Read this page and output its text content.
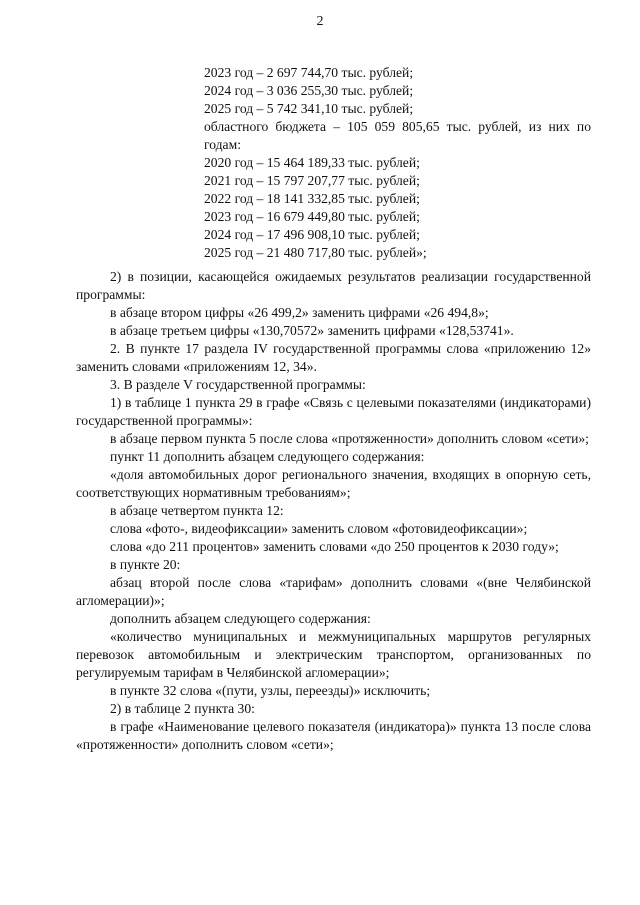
2

2023 год – 2 697 744,70 тыс. рублей;

2024 год – 3 036 255,30 тыс. рублей;

2025 год – 5 742 341,10 тыс. рублей;

областного бюджета – 105 059 805,65 тыс. рублей, из них по годам:

2020 год – 15 464 189,33 тыс. рублей;

2021 год – 15 797 207,77 тыс. рублей;

2022 год – 18 141 332,85 тыс. рублей;

2023 год – 16 679 449,80 тыс. рублей;

2024 год – 17 496 908,10 тыс. рублей;

2025 год – 21 480 717,80 тыс. рублей»;

2) в позиции, касающейся ожидаемых результатов реализации государственной программы:

в абзаце втором цифры «26 499,2» заменить цифрами «26 494,8»;

в абзаце третьем цифры «130,70572» заменить цифрами «128,53741».

2. В пункте 17 раздела IV государственной программы слова «приложению 12» заменить словами «приложениям 12, 34».

3. В разделе V государственной программы:

1) в таблице 1 пункта 29 в графе «Связь с целевыми показателями (индикаторами) государственной программы»:

в абзаце первом пункта 5 после слова «протяженности» дополнить словом «сети»;

пункт 11 дополнить абзацем следующего содержания:

«доля автомобильных дорог регионального значения, входящих в опорную сеть, соответствующих нормативным требованиям»;

в абзаце четвертом пункта 12:

слова «фото-, видеофиксации» заменить словом «фотовидеофиксации»;

слова «до 211 процентов» заменить словами «до 250 процентов к 2030 году»;

в пункте 20:

абзац второй после слова «тарифам» дополнить словами «(вне Челябинской агломерации)»;

дополнить абзацем следующего содержания:

«количество муниципальных и межмуниципальных маршрутов регулярных перевозок автомобильным и электрическим транспортом, организованных по регулируемым тарифам в Челябинской агломерации»;

в пункте 32 слова «(пути, узлы, переезды)» исключить;

2) в таблице 2 пункта 30:

в графе «Наименование целевого показателя (индикатора)» пункта 13 после слова «протяженности» дополнить словом «сети»;
